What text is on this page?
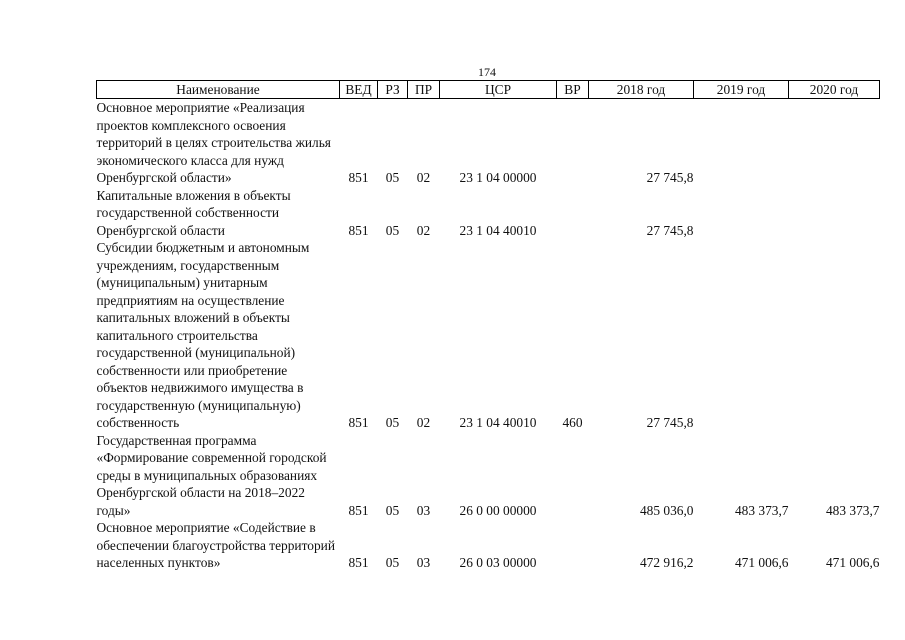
174
Наименование	ВЕД	РЗ	ПР	ЦСР	ВР	2018 год	2019 год	2020 год
Основное мероприятие «Реализация проектов комплексного освоения территорий в целях строительства жилья экономического класса для нужд Оренбургской области»	851	05	02	23 1 04 00000		27 745,8		
Капитальные вложения в объекты государственной собственности Оренбургской области	851	05	02	23 1 04 40010		27 745,8		
Субсидии бюджетным и автономным учреждениям, государственным (муниципальным) унитарным предприятиям на осуществление капитальных вложений в объекты капитального строительства государственной (муниципальной) собственности или приобретение объектов недвижимого имущества в государственную (муниципальную) собственность	851	05	02	23 1 04 40010	460	27 745,8		
Государственная программа «Формирование современной городской среды в муниципальных образованиях Оренбургской области на 2018–2022 годы»	851	05	03	26 0 00 00000		485 036,0	483 373,7	483 373,7
Основное мероприятие «Содействие в обеспечении благоустройства территорий населенных пунктов»	851	05	03	26 0 03 00000		472 916,2	471 006,6	471 006,6
